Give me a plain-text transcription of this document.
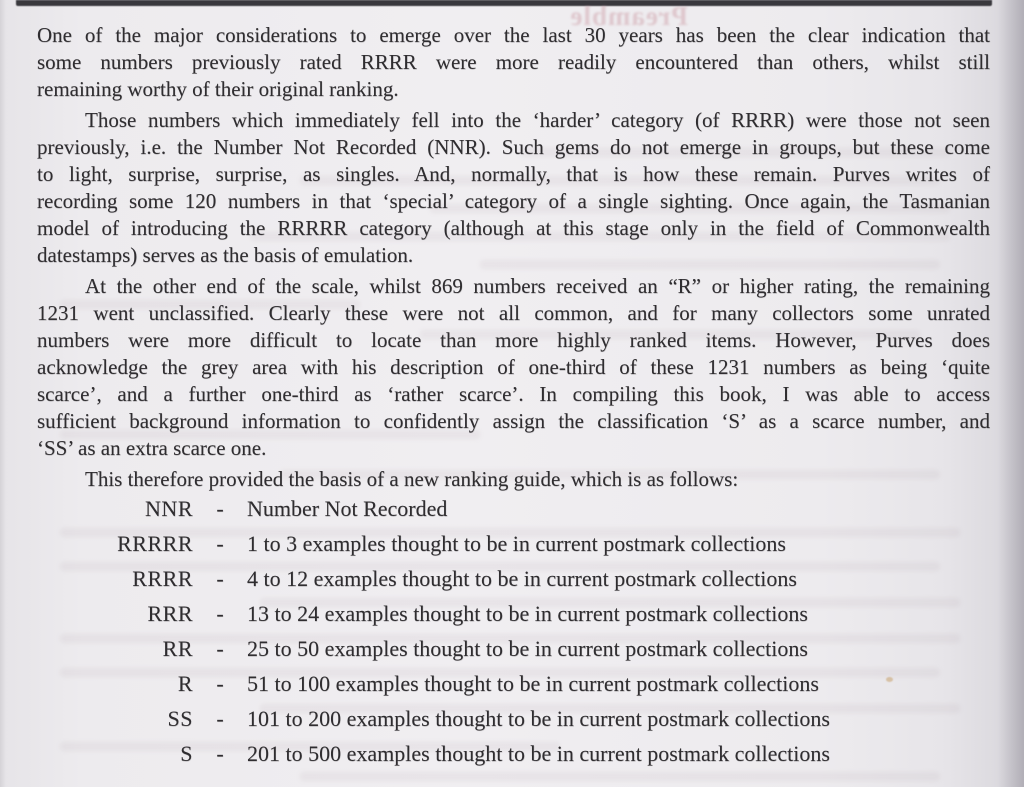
Preamble
One of the major considerations to emerge over the last 30 years has been the clear indication that
some numbers previously rated RRRR were more readily encountered than others, whilst still
remaining worthy of their original ranking.
Those numbers which immediately fell into the ‘harder’ category (of RRRR) were those not seen
previously, i.e. the Number Not Recorded (NNR). Such gems do not emerge in groups, but these come
to light, surprise, surprise, as singles. And, normally, that is how these remain. Purves writes of
recording some 120 numbers in that ‘special’ category of a single sighting. Once again, the Tasmanian
model of introducing the RRRRR category (although at this stage only in the field of Commonwealth
datestamps) serves as the basis of emulation.
At the other end of the scale, whilst 869 numbers received an “R” or higher rating, the remaining
1231 went unclassified. Clearly these were not all common, and for many collectors some unrated
numbers were more difficult to locate than more highly ranked items. However, Purves does
acknowledge the grey area with his description of one-third of these 1231 numbers as being ‘quite
scarce’, and a further one-third as ‘rather scarce’. In compiling this book, I was able to access
sufficient background information to confidently assign the classification ‘S’ as a scarce number, and
‘SS’ as an extra scarce one.
This therefore provided the basis of a new ranking guide, which is as follows:
NNR	-	Number Not Recorded
RRRRR	-	1 to 3 examples thought to be in current postmark collections
RRRR	-	4 to 12 examples thought to be in current postmark collections
RRR	-	13 to 24 examples thought to be in current postmark collections
RR	-	25 to 50 examples thought to be in current postmark collections
R	-	51 to 100 examples thought to be in current postmark collections
SS	-	101 to 200 examples thought to be in current postmark collections
S	-	201 to 500 examples thought to be in current postmark collections
